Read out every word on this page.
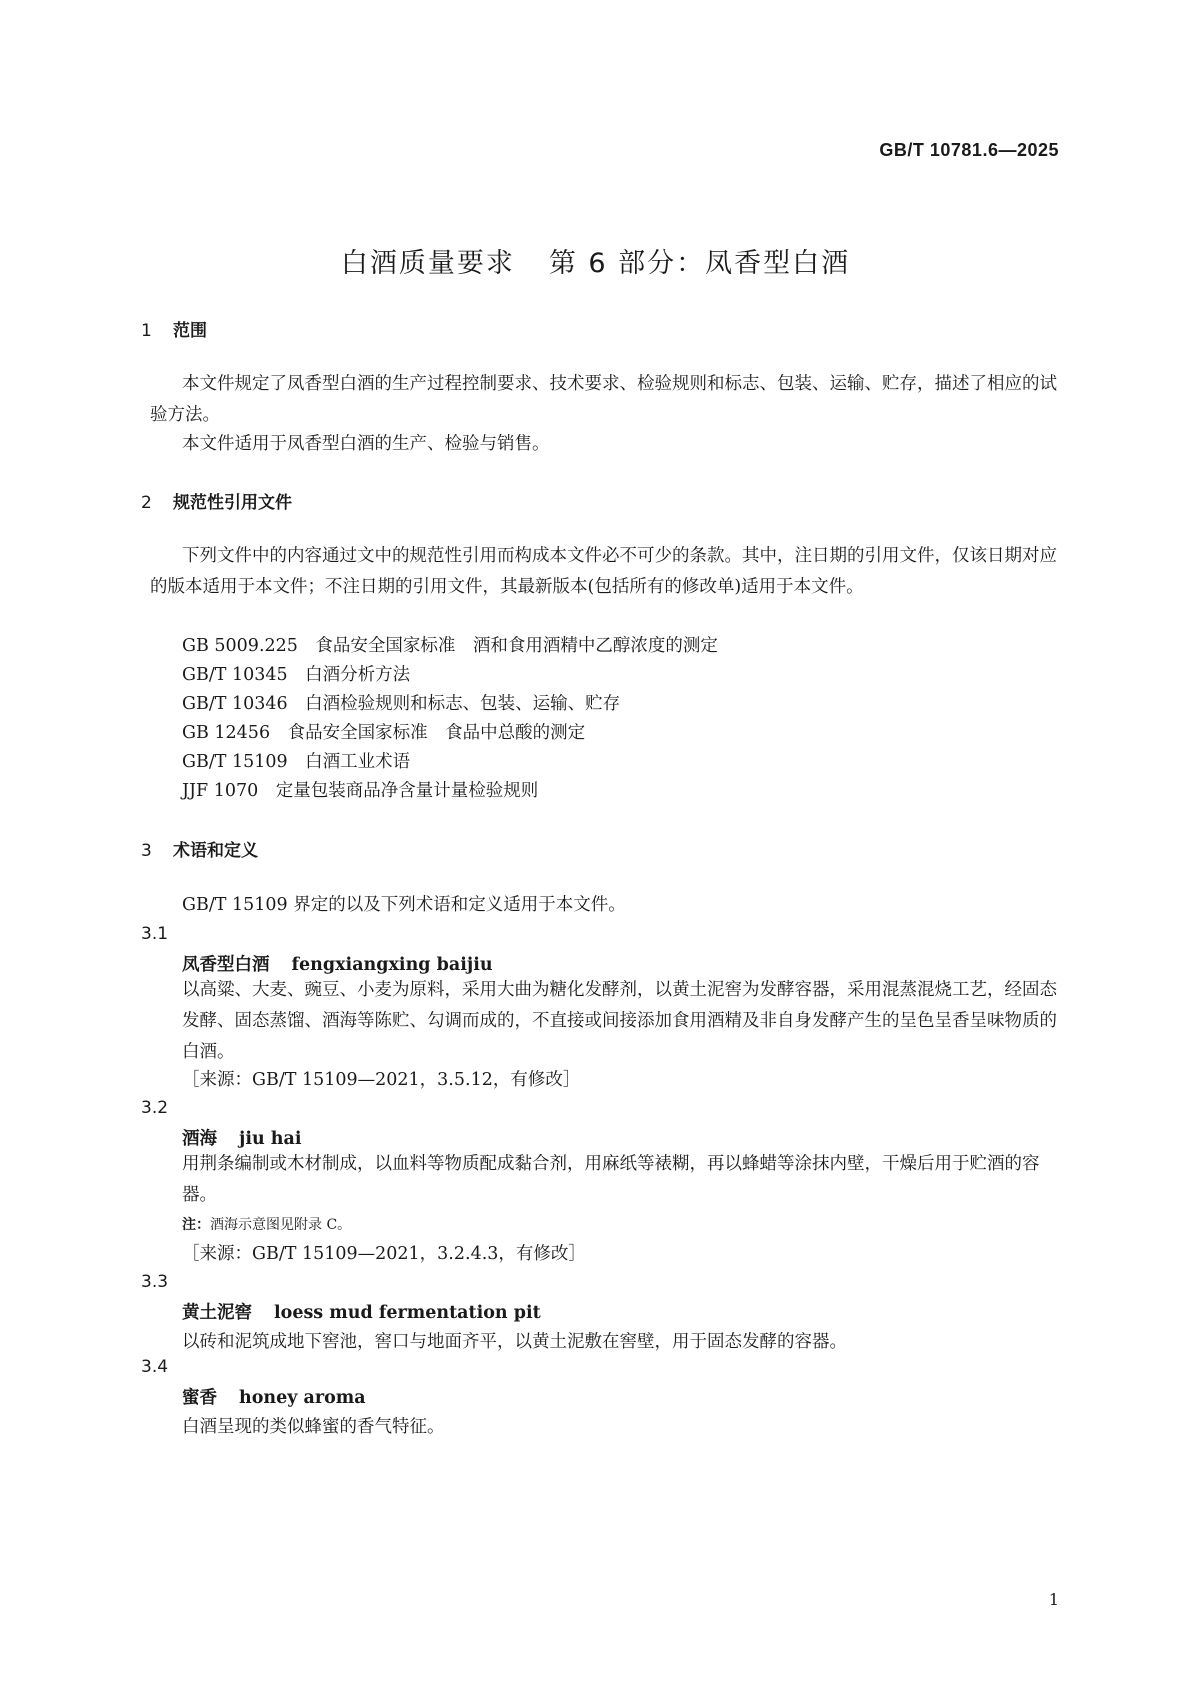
GB/T 10781.6—2025
白酒质量要求 第 6 部分：凤香型白酒
1 范围

本文件规定了凤香型白酒的生产过程控制要求、技术要求、检验规则和标志、包装、运输、贮存，描述了相应的试验方法。

本文件适用于凤香型白酒的生产、检验与销售。

2 规范性引用文件

下列文件中的内容通过文中的规范性引用而构成本文件必不可少的条款。其中，注日期的引用文件，仅该日期对应的版本适用于本文件；不注日期的引用文件，其最新版本(包括所有的修改单)适用于本文件。

GB 5009.225　食品安全国家标准　酒和食用酒精中乙醇浓度的测定

GB/T 10345　白酒分析方法

GB/T 10346　白酒检验规则和标志、包装、运输、贮存

GB 12456　食品安全国家标准　食品中总酸的测定

GB/T 15109　白酒工业术语

JJF 1070　定量包装商品净含量计量检验规则

3 术语和定义

GB/T 15109 界定的以及下列术语和定义适用于本文件。

3.1

凤香型白酒 fengxiangxing baijiu

以高粱、大麦、豌豆、小麦为原料，采用大曲为糖化发酵剂，以黄土泥窖为发酵容器，采用混蒸混烧工艺，经固态发酵、固态蒸馏、酒海等陈贮、勾调而成的，不直接或间接添加食用酒精及非自身发酵产生的呈色呈香呈味物质的白酒。

［来源：GB/T 15109—2021，3.5.12，有修改］

3.2

酒海 jiu hai

用荆条编制或木材制成，以血料等物质配成黏合剂，用麻纸等裱糊，再以蜂蜡等涂抹内壁，干燥后用于贮酒的容器。

注：酒海示意图见附录 C。

［来源：GB/T 15109—2021，3.2.4.3，有修改］

3.3

黄土泥窖 loess mud fermentation pit

以砖和泥筑成地下窖池，窖口与地面齐平，以黄土泥敷在窖壁，用于固态发酵的容器。

3.4

蜜香 honey aroma

白酒呈现的类似蜂蜜的香气特征。

1
